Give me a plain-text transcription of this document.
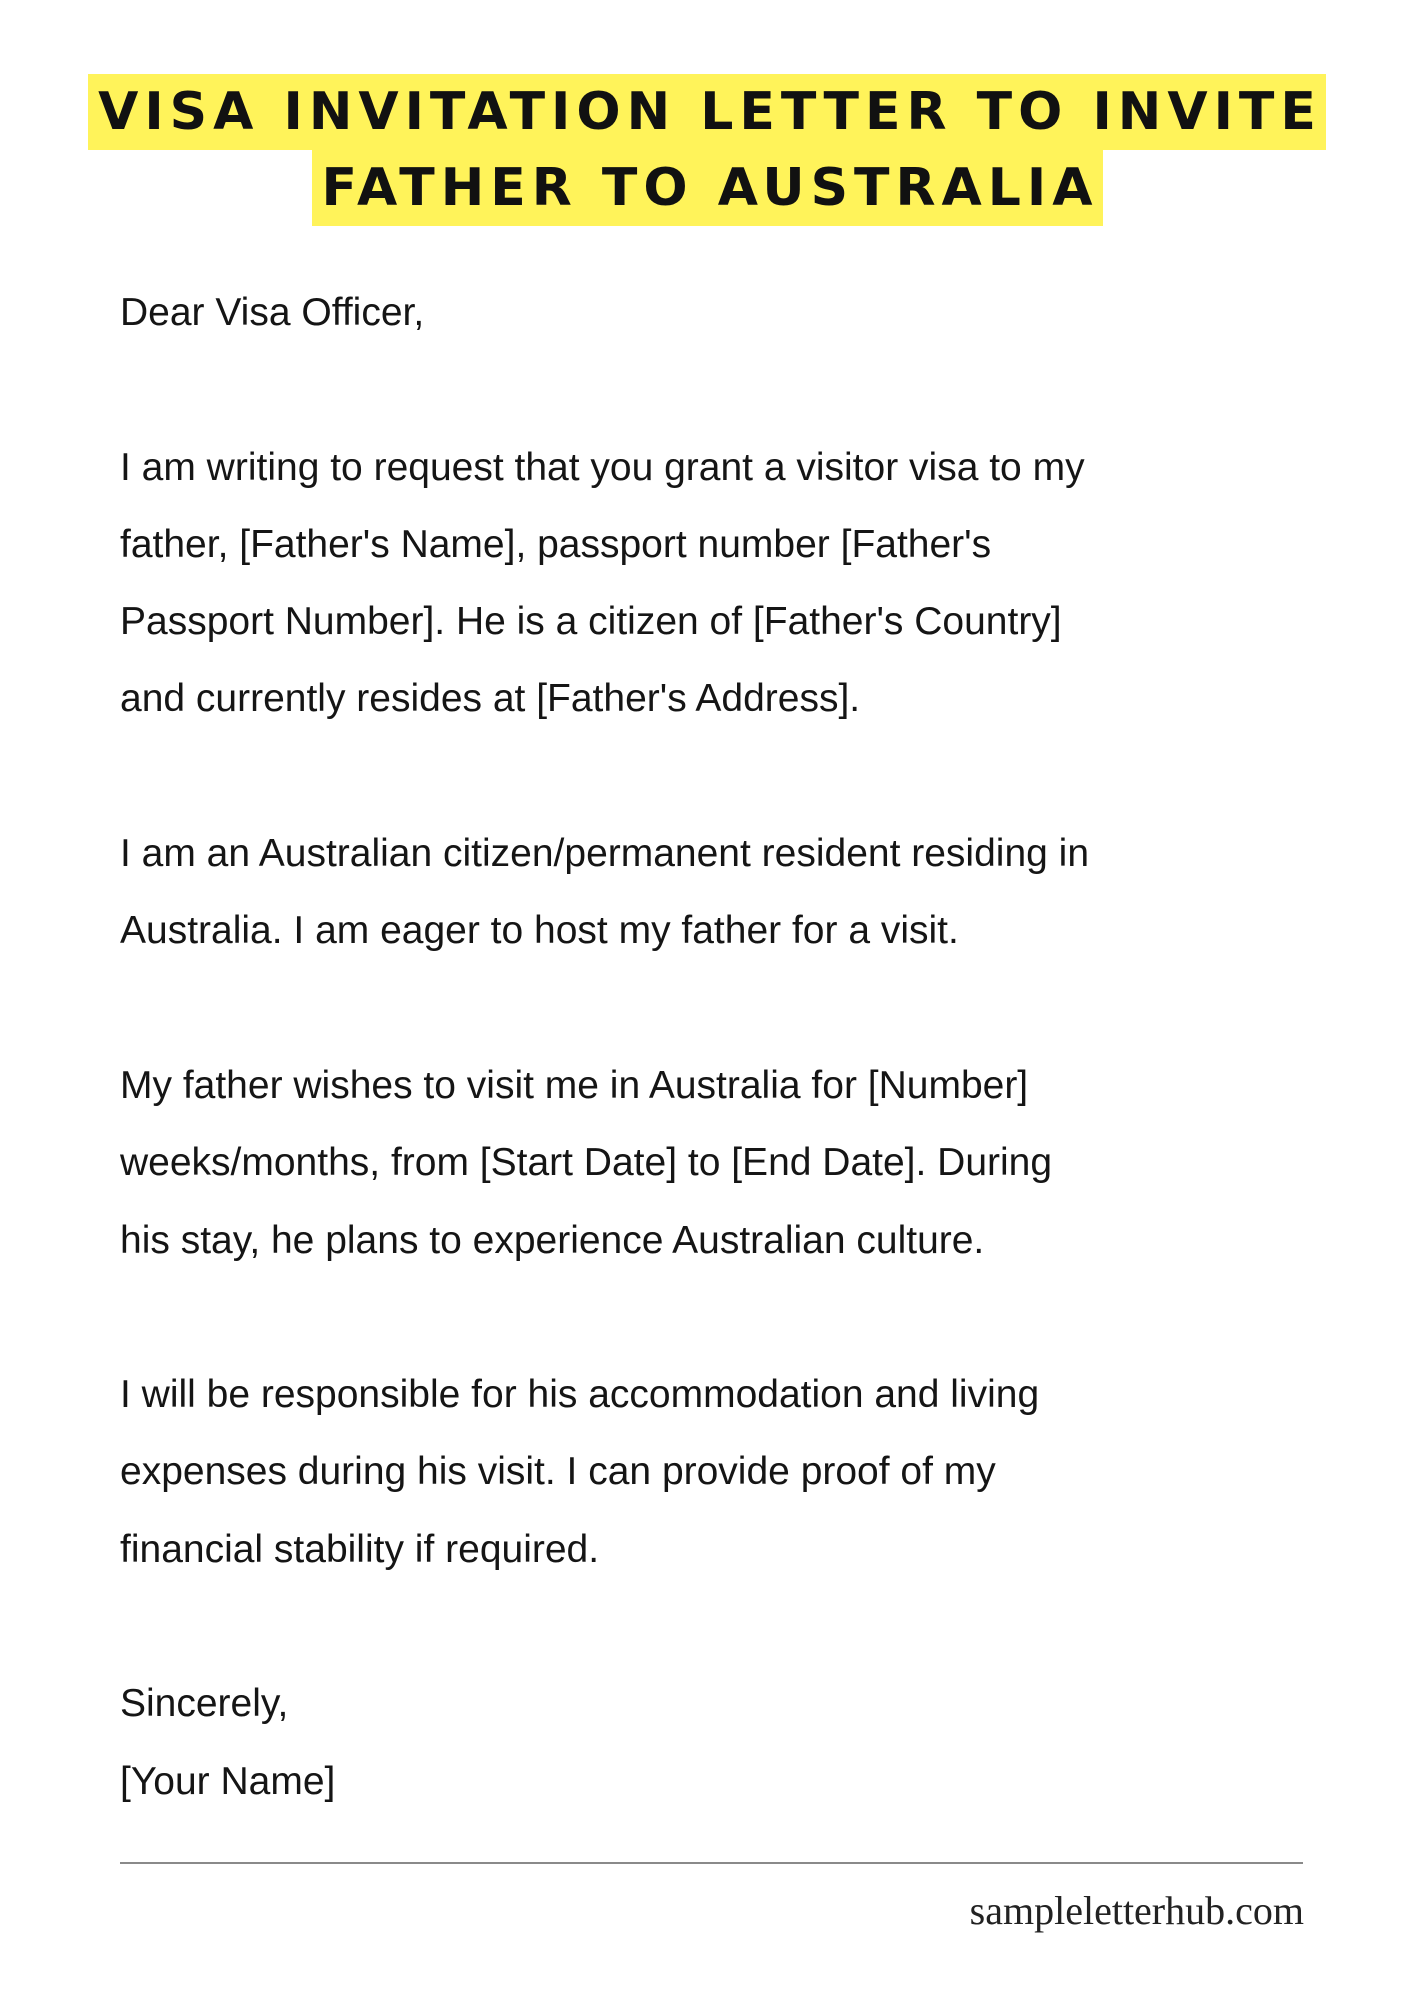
VISA INVITATION LETTER TO INVITE
FATHER TO AUSTRALIA

Dear Visa Officer,

I am writing to request that you grant a visitor visa to my

father, [Father's Name], passport number [Father's

Passport Number]. He is a citizen of [Father's Country]

and currently resides at [Father's Address].

I am an Australian citizen/permanent resident residing in

Australia. I am eager to host my father for a visit.

My father wishes to visit me in Australia for [Number]

weeks/months, from [Start Date] to [End Date]. During

his stay, he plans to experience Australian culture.

I will be responsible for his accommodation and living

expenses during his visit. I can provide proof of my

financial stability if required.

Sincerely,

[Your Name]

sampleletterhub.com
